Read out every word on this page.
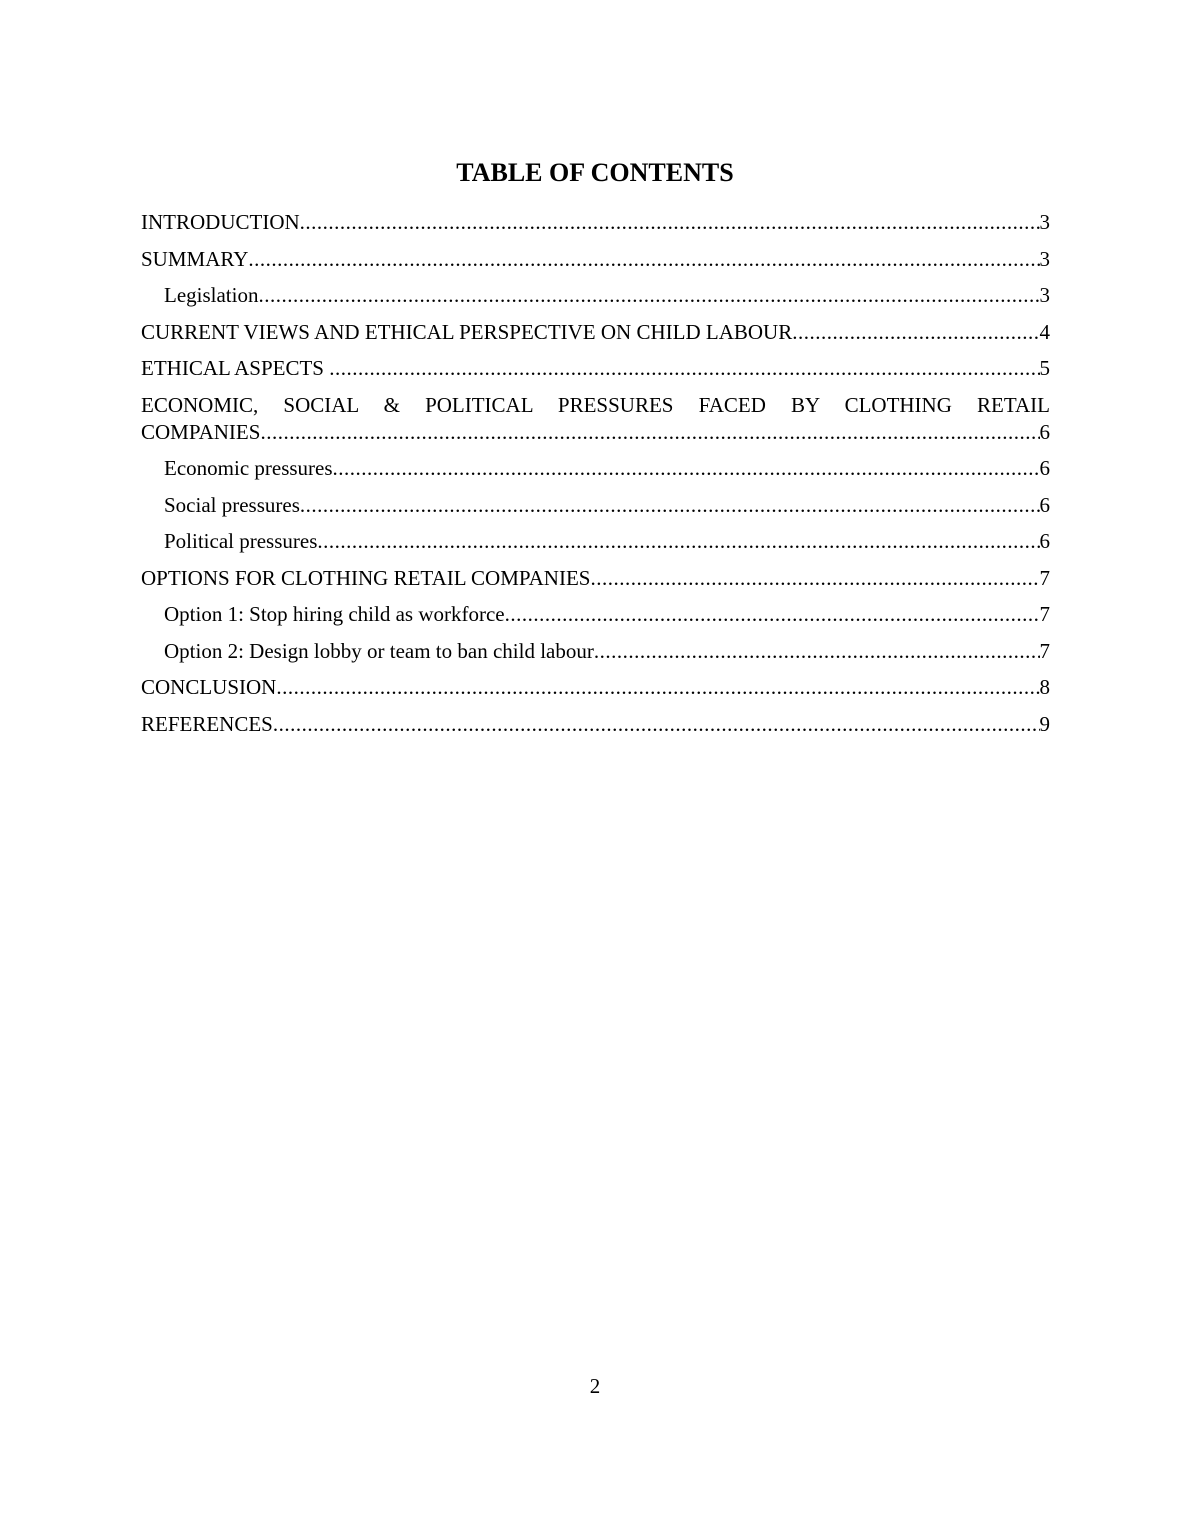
TABLE OF CONTENTS
INTRODUCTION .....	3
SUMMARY .....	3
Legislation .....	3
CURRENT VIEWS AND ETHICAL PERSPECTIVE ON CHILD LABOUR .....	4
ETHICAL ASPECTS .....	5
ECONOMIC, SOCIAL & POLITICAL PRESSURES FACED BY CLOTHING RETAIL
COMPANIES .....	6
Economic pressures .....	6
Social pressures .....	6
Political pressures .....	6
OPTIONS FOR CLOTHING RETAIL COMPANIES .....	7
Option 1: Stop hiring child as workforce .....	7
Option 2: Design lobby or team to ban child labour .....	7
CONCLUSION .....	8
REFERENCES .....	9
2
